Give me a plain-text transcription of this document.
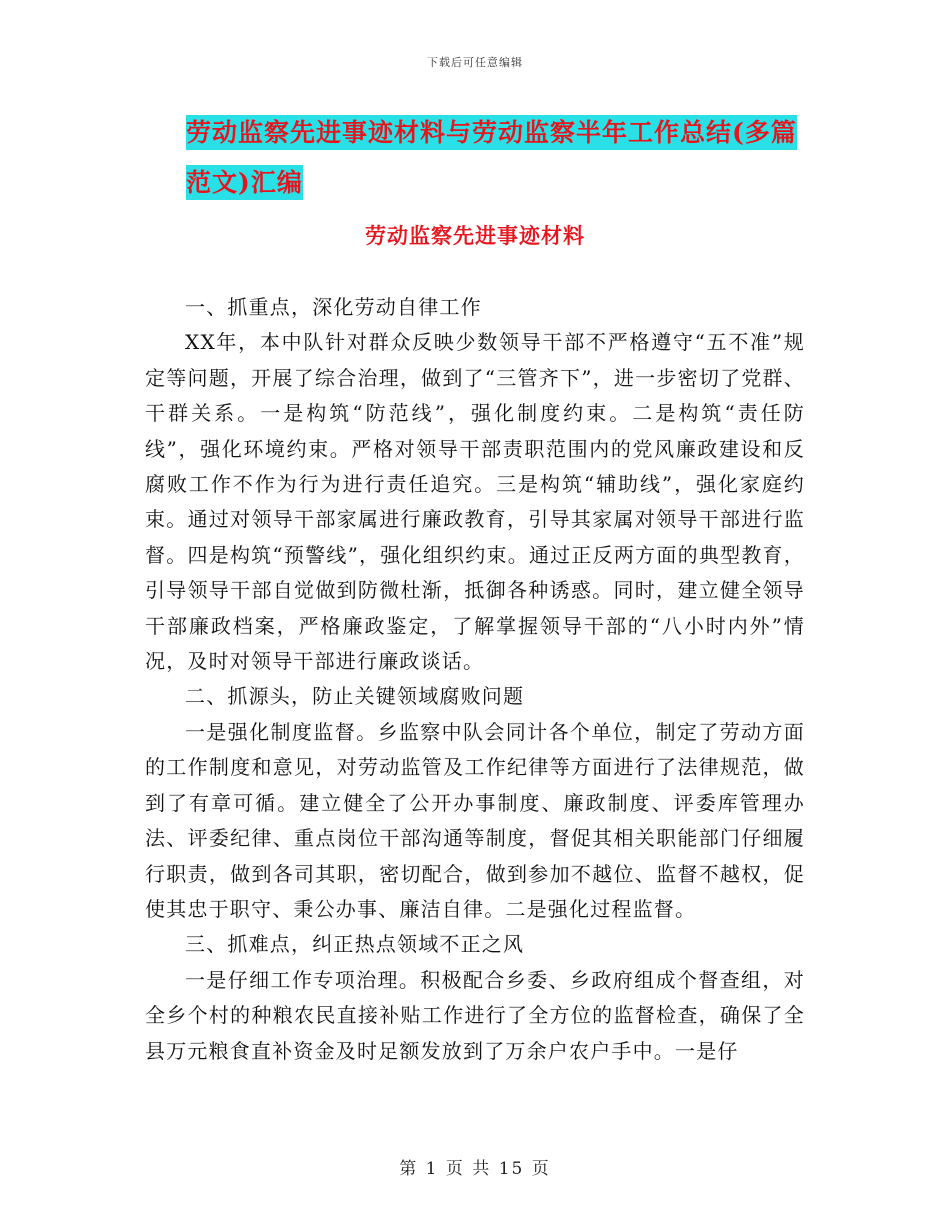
下载后可任意编辑
劳动监察先进事迹材料与劳动监察半年工作总结(多篇范文)汇编
劳动监察先进事迹材料

一、抓重点，深化劳动自律工作

XX年，本中队针对群众反映少数领导干部不严格遵守“五不准”规定等问题，开展了综合治理，做到了“三管齐下”，进一步密切了党群、干群关系。一是构筑“防范线”，强化制度约束。二是构筑“责任防线”，强化环境约束。严格对领导干部责职范围内的党风廉政建设和反腐败工作不作为行为进行责任追究。三是构筑“辅助线”，强化家庭约束。通过对领导干部家属进行廉政教育，引导其家属对领导干部进行监督。四是构筑“预警线”，强化组织约束。通过正反两方面的典型教育，引导领导干部自觉做到防微杜渐，抵御各种诱惑。同时，建立健全领导干部廉政档案，严格廉政鉴定，了解掌握领导干部的“八小时内外”情况，及时对领导干部进行廉政谈话。

二、抓源头，防止关键领域腐败问题

一是强化制度监督。乡监察中队会同计各个单位，制定了劳动方面的工作制度和意见，对劳动监管及工作纪律等方面进行了法律规范，做到了有章可循。建立健全了公开办事制度、廉政制度、评委库管理办法、评委纪律、重点岗位干部沟通等制度，督促其相关职能部门仔细履行职责，做到各司其职，密切配合，做到参加不越位、监督不越权，促使其忠于职守、秉公办事、廉洁自律。二是强化过程监督。

三、抓难点，纠正热点领域不正之风

一是仔细工作专项治理。积极配合乡委、乡政府组成个督查组，对全乡个村的种粮农民直接补贴工作进行了全方位的监督检查，确保了全县万元粮食直补资金及时足额发放到了万余户农户手中。一是仔

第 1 页 共 15 页
